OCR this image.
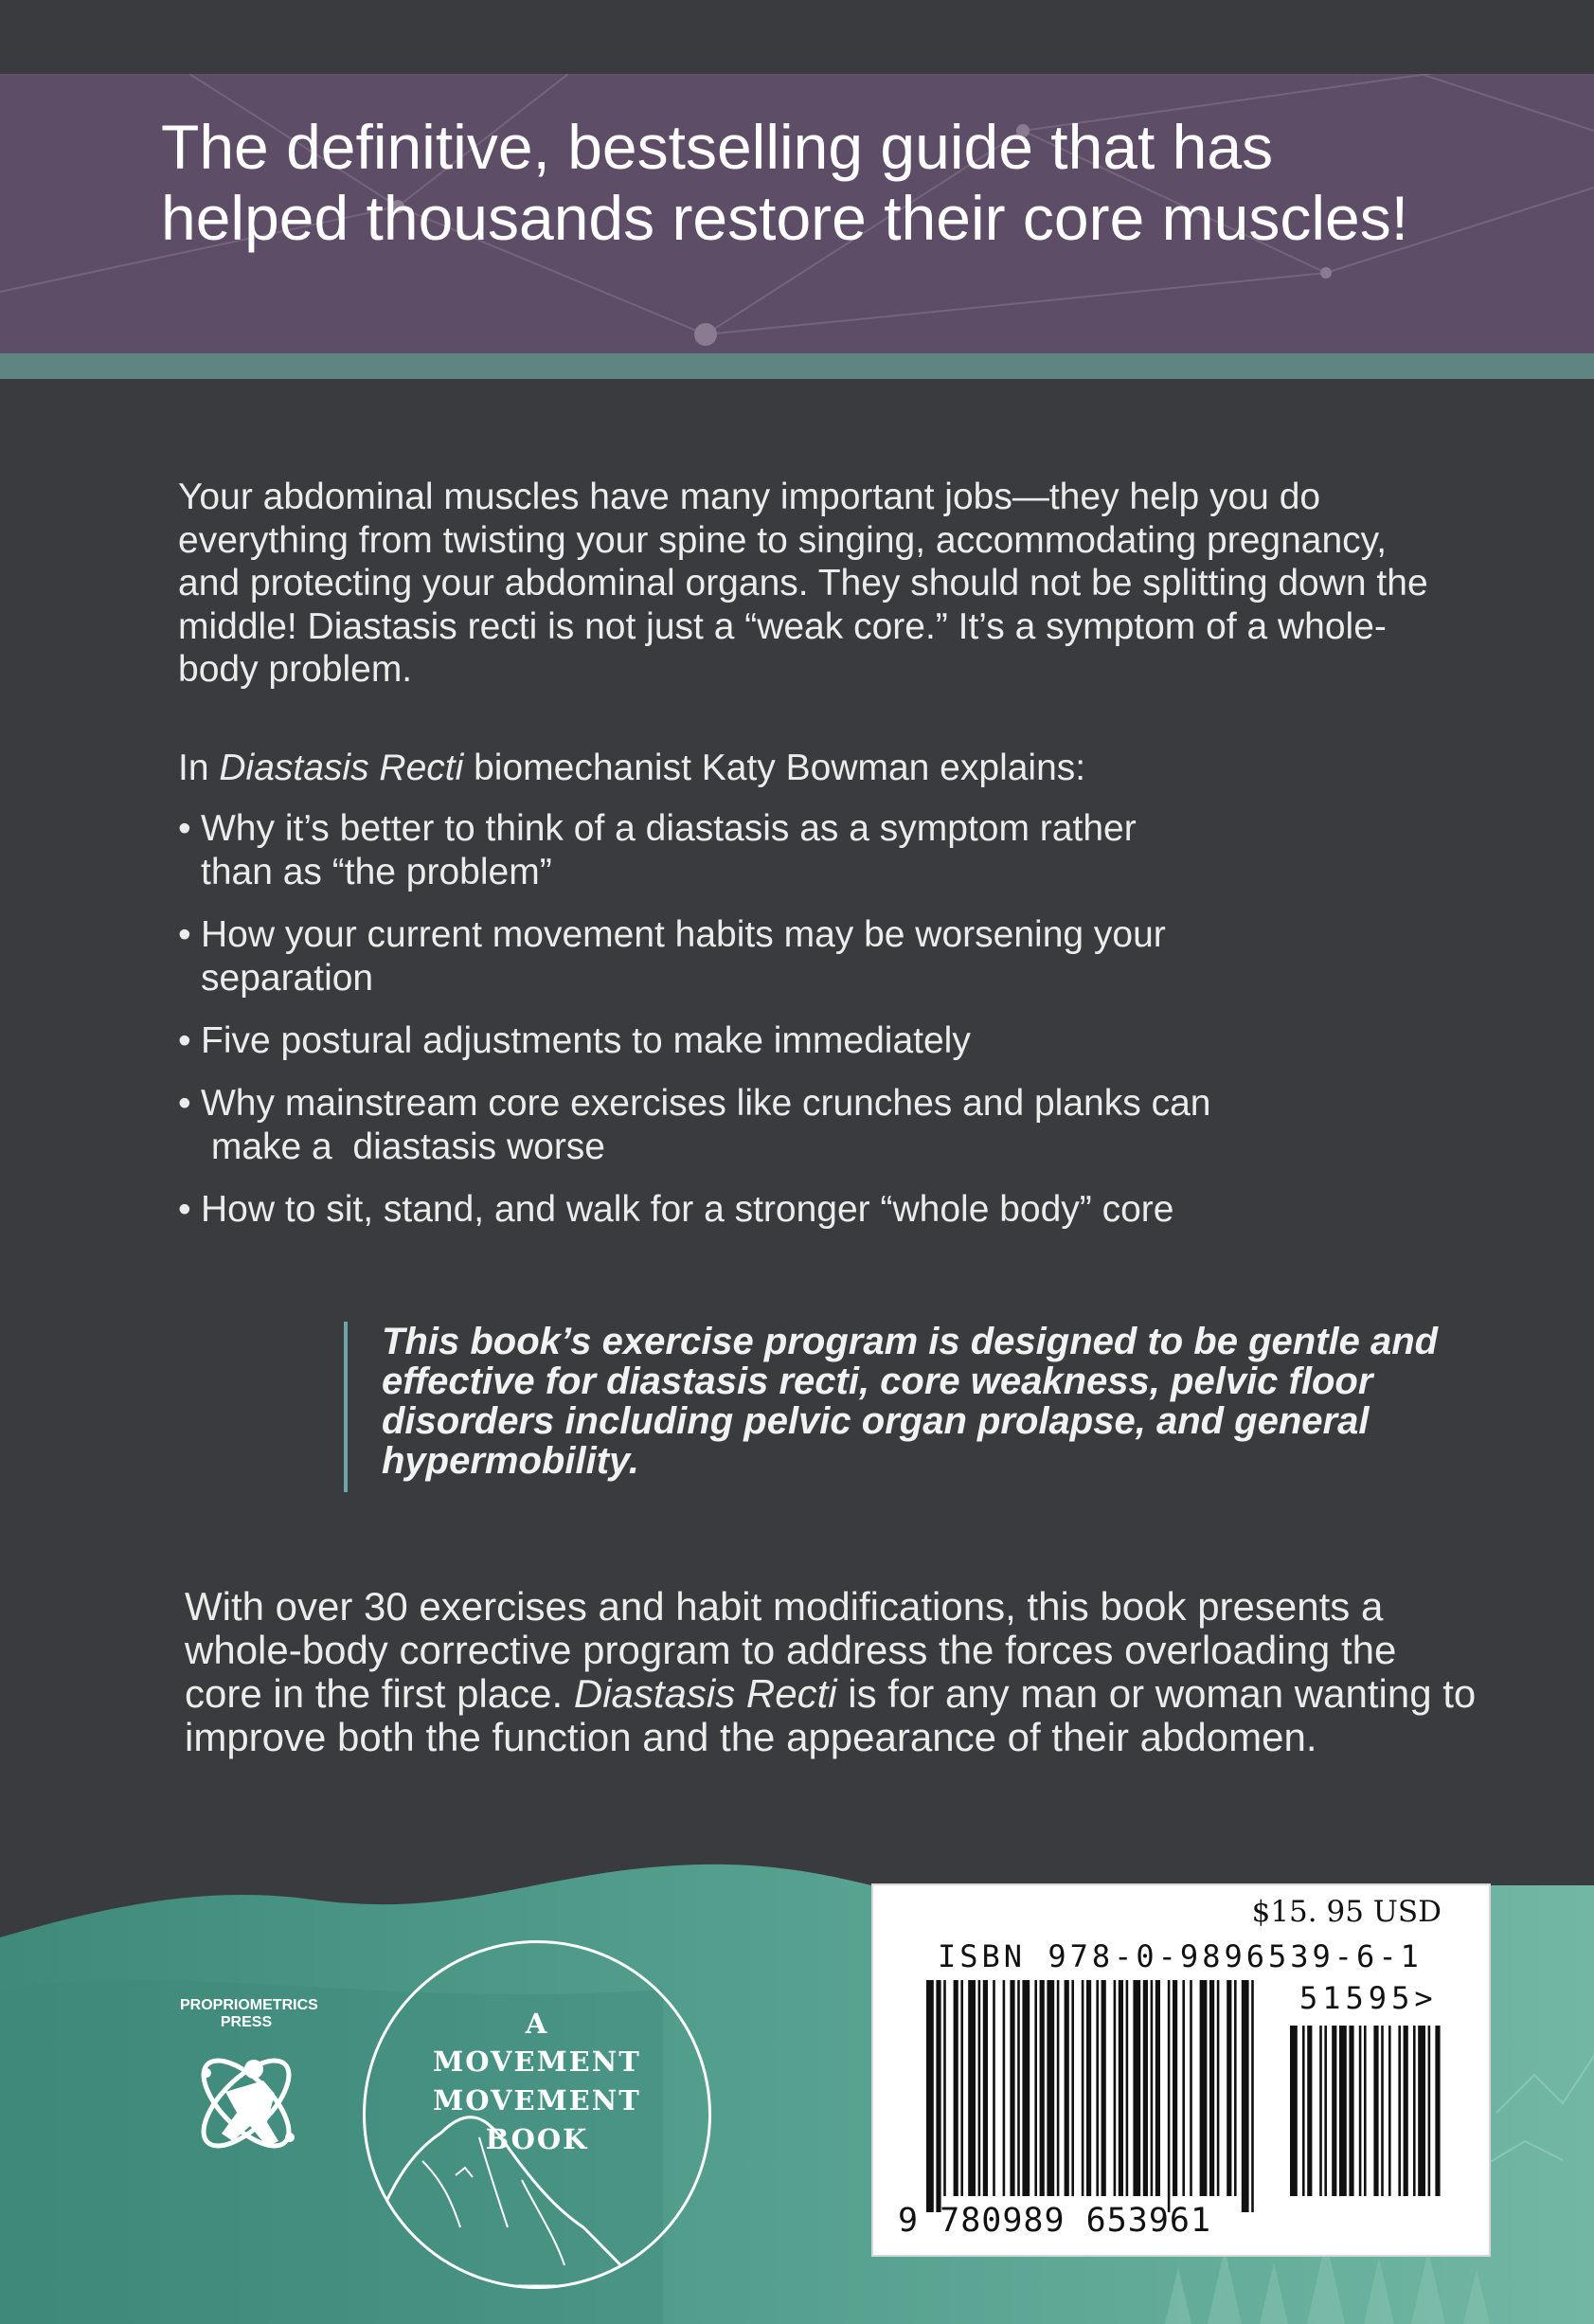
The definitive, bestselling guide that has helped thousands restore their core muscles!

Your abdominal muscles have many important jobs—they help you do everything from twisting your spine to singing, accommodating pregnancy, and protecting your abdominal organs. They should not be splitting down the middle! Diastasis recti is not just a “weak core.” It’s a symptom of a whole-body problem.

In Diastasis Recti biomechanist Katy Bowman explains:

• Why it’s better to think of a diastasis as a symptom rather
than as “the problem”
• How your current movement habits may be worsening your
separation
• Five postural adjustments to make immediately
• Why mainstream core exercises like crunches and planks can
make a  diastasis worse
• How to sit, stand, and walk for a stronger “whole body” core

This book’s exercise program is designed to be gentle and effective for diastasis recti, core weakness, pelvic floor disorders including pelvic organ prolapse, and general hypermobility.

With over 30 exercises and habit modifications, this book presents a whole-body corrective program to address the forces overloading the core in the first place. Diastasis Recti is for any man or woman wanting to improve both the function and the appearance of their abdomen.

PROPRIOMETRICS
PRESS	A
MOVEMENT
MOVEMENT
BOOK
$15. 95 USD
ISBN 978-0-9896539-6-1
51595>
9 780989 653961
